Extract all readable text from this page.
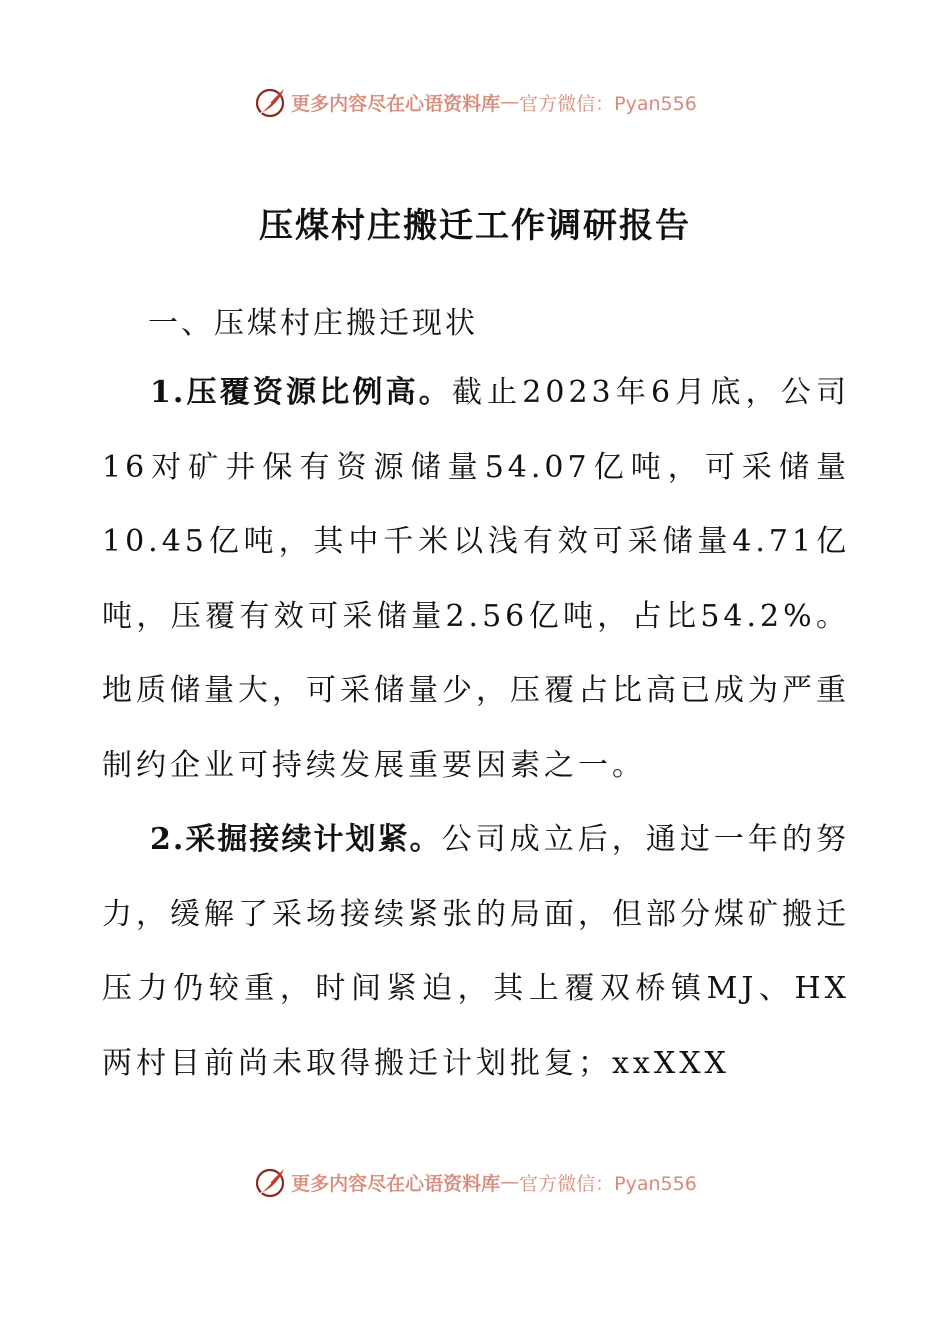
更多内容尽在心语资料库 — 官方微信：Pyan556
压煤村庄搬迁工作调研报告
一、压煤村庄搬迁现状

1.压覆资源比例高。截止2023年6月底，公司16对矿井保有资源储量54.07亿吨，可采储量10.45亿吨，其中千米以浅有效可采储量4.71亿吨，压覆有效可采储量2.56亿吨，占比54.2%。地质储量大，可采储量少，压覆占比高已成为严重制约企业可持续发展重要因素之一。

2.采掘接续计划紧。公司成立后，通过一年的努力，缓解了采场接续紧张的局面，但部分煤矿搬迁压力仍较重，时间紧迫，其上覆双桥镇MJ、HX两村目前尚未取得搬迁计划批复；xxXXX

更多内容尽在心语资料库 — 官方微信：Pyan556
